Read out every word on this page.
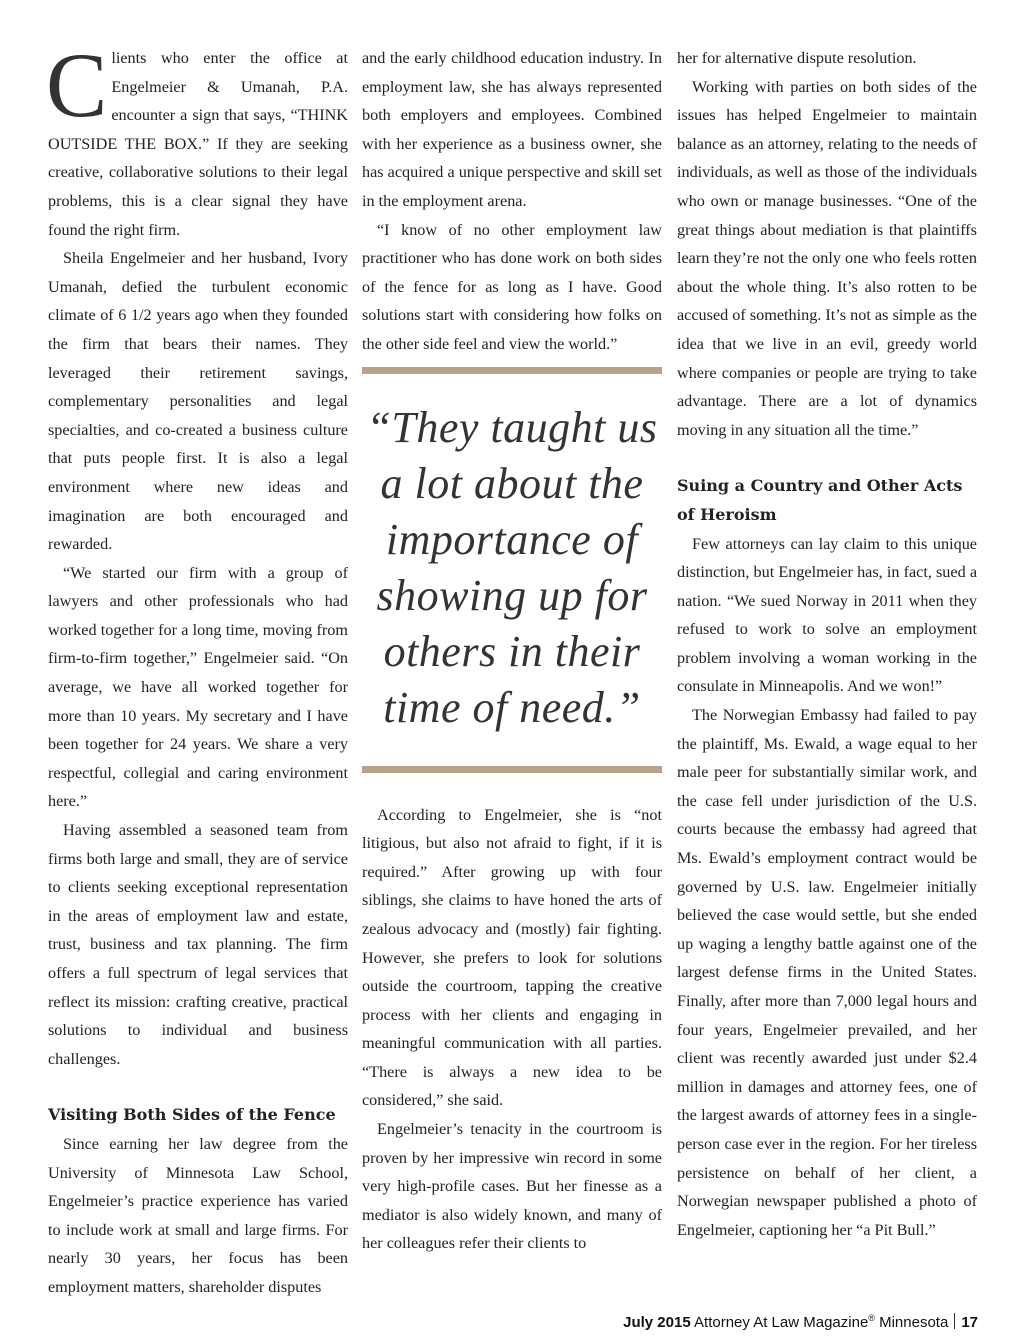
Clients who enter the office at Engelmeier & Umanah, P.A. encounter a sign that says, “THINK OUTSIDE THE BOX.” If they are seeking creative, collaborative solutions to their legal problems, this is a clear signal they have found the right firm.

Sheila Engelmeier and her husband, Ivory Umanah, defied the turbulent economic climate of 6 1/2 years ago when they founded the firm that bears their names. They leveraged their retirement savings, complementary personalities and legal specialties, and co-created a business culture that puts people first. It is also a legal environment where new ideas and imagination are both encouraged and rewarded.

“We started our firm with a group of lawyers and other professionals who had worked together for a long time, moving from firm-to-firm together,” Engelmeier said. “On average, we have all worked together for more than 10 years. My secretary and I have been together for 24 years. We share a very respectful, collegial and caring environment here.”

Having assembled a seasoned team from firms both large and small, they are of service to clients seeking exceptional representation in the areas of employment law and estate, trust, business and tax planning. The firm offers a full spectrum of legal services that reflect its mission: crafting creative, practical solutions to individual and business challenges.

Visiting Both Sides of the Fence

Since earning her law degree from the University of Minnesota Law School, Engelmeier’s practice experience has varied to include work at small and large firms. For nearly 30 years, her focus has been employment matters, shareholder disputes

and the early childhood education industry. In employment law, she has always represented both employers and employees. Combined with her experience as a business owner, she has acquired a unique perspective and skill set in the employment arena.

“I know of no other employment law practitioner who has done work on both sides of the fence for as long as I have. Good solutions start with considering how folks on the other side feel and view the world.”

“They taught us a lot about the importance of showing up for others in their time of need.”

According to Engelmeier, she is “not litigious, but also not afraid to fight, if it is required.” After growing up with four siblings, she claims to have honed the arts of zealous advocacy and (mostly) fair fighting. However, she prefers to look for solutions outside the courtroom, tapping the creative process with her clients and engaging in meaningful communication with all parties. “There is always a new idea to be considered,” she said.

Engelmeier’s tenacity in the courtroom is proven by her impressive win record in some very high-profile cases. But her finesse as a mediator is also widely known, and many of her colleagues refer their clients to

her for alternative dispute resolution.

Working with parties on both sides of the issues has helped Engelmeier to maintain balance as an attorney, relating to the needs of individuals, as well as those of the individuals who own or manage businesses. “One of the great things about mediation is that plaintiffs learn they’re not the only one who feels rotten about the whole thing. It’s also rotten to be accused of something. It’s not as simple as the idea that we live in an evil, greedy world where companies or people are trying to take advantage. There are a lot of dynamics moving in any situation all the time.”

Suing a Country and Other Acts of Heroism

Few attorneys can lay claim to this unique distinction, but Engelmeier has, in fact, sued a nation. “We sued Norway in 2011 when they refused to work to solve an employment problem involving a woman working in the consulate in Minneapolis. And we won!”

The Norwegian Embassy had failed to pay the plaintiff, Ms. Ewald, a wage equal to her male peer for substantially similar work, and the case fell under jurisdiction of the U.S. courts because the embassy had agreed that Ms. Ewald’s employment contract would be governed by U.S. law. Engelmeier initially believed the case would settle, but she ended up waging a lengthy battle against one of the largest defense firms in the United States. Finally, after more than 7,000 legal hours and four years, Engelmeier prevailed, and her client was recently awarded just under $2.4 million in damages and attorney fees, one of the largest awards of attorney fees in a single-person case ever in the region. For her tireless persistence on behalf of her client, a Norwegian newspaper published a photo of Engelmeier, captioning her “a Pit Bull.”

July 2015 Attorney At Law Magazine® Minnesota 17
